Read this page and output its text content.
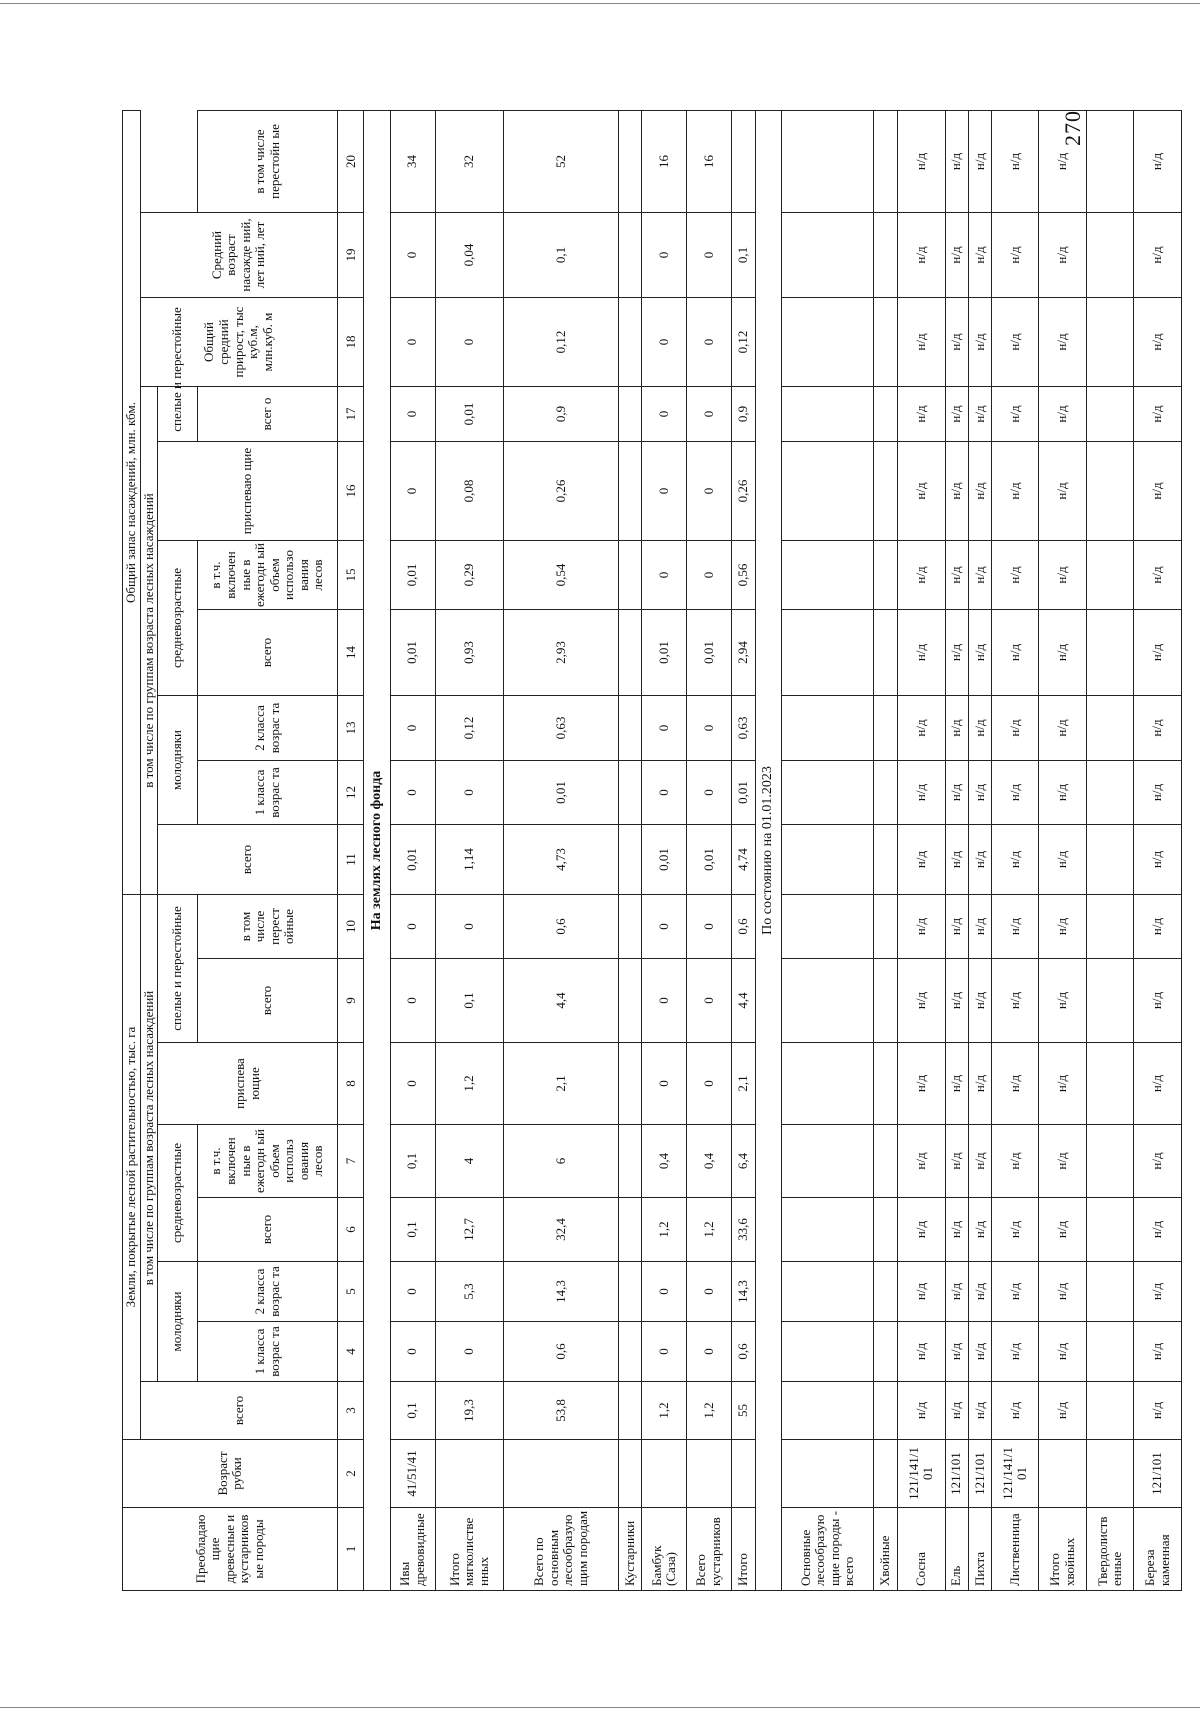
270
Преобладаю щие древесные и кустарников ые породы	Возраст рубки	Земли, покрытые лесной растительностью, тыс. га								Общий запас насаждений, млн. кбм.									
		всего	в том числе по группам возраста лесных насаждений							в том числе по группам возраста лесных насаждений							Общий средний прирост, тыс куб.м, млн.куб. м	Средний возраст насажде ний, лет ний, лет	
			молодняки		средневозрастные		приспева ющие	спелые и перестойные		всего	молодняки		средневозрастные		приспеваю щие	спелые и перестойные			
			1 класса возрас та	2 класса возрас та	всего	в т.ч. включен ные в ежегодн ый объем использ ования лесов		всего	в том числе перест ойные		1 класса возрас та	2 класса возрас та	всего	в т.ч. включен ные в ежегодн ый объем использо вания лесов		всег о			в том числе перестойн ые
1	2	3	4	5	6	7	8	9	10	11	12	13	14	15	16	17	18	19	20
На землях лесного фонда																			
Ивы древовидные	41/51/41	0,1	0	0	0,1	0,1	0	0	0	0,01	0	0	0,01	0,01	0	0	0	0	34
Итого мягколистве нных		19,3	0	5,3	12,7	4	1,2	0,1	0	1,14	0	0,12	0,93	0,29	0,08	0,01	0	0,04	32
Всего по основным лесообразую щим породам		53,8	0,6	14,3	32,4	6	2,1	4,4	0,6	4,73	0,01	0,63	2,93	0,54	0,26	0,9	0,12	0,1	52
Кустарники																			
Бамбук (Саза)		1,2	0	0	1,2	0,4	0	0	0	0,01	0	0	0,01	0	0	0	0	0	16
Всего кустарников		1,2	0	0	1,2	0,4	0	0	0	0,01	0	0	0,01	0	0	0	0	0	16
Итого		55	0,6	14,3	33,6	6,4	2,1	4,4	0,6	4,74	0,01	0,63	2,94	0,56	0,26	0,9	0,12	0,1	
По состоянию на 01.01.2023																			
Основные лесообразую щие породы - всего																			
Хвойные																			
Сосна	121/141/1 01	н/д	н/д	н/д	н/д	н/д	н/д	н/д	н/д	н/д	н/д	н/д	н/д	н/д	н/д	н/д	н/д	н/д	н/д
Ель	121/101	н/д	н/д	н/д	н/д	н/д	н/д	н/д	н/д	н/д	н/д	н/д	н/д	н/д	н/д	н/д	н/д	н/д	н/д
Пихта	121/101	н/д	н/д	н/д	н/д	н/д	н/д	н/д	н/д	н/д	н/д	н/д	н/д	н/д	н/д	н/д	н/д	н/д	н/д
Лиственница	121/141/1 01	н/д	н/д	н/д	н/д	н/д	н/д	н/д	н/д	н/д	н/д	н/д	н/д	н/д	н/д	н/д	н/д	н/д	н/д
Итого хвойных		н/д	н/д	н/д	н/д	н/д	н/д	н/д	н/д	н/д	н/д	н/д	н/д	н/д	н/д	н/д	н/д	н/д	н/д
Твердолиств енные																			
Береза каменная	121/101	н/д	н/д	н/д	н/д	н/д	н/д	н/д	н/д	н/д	н/д	н/д	н/д	н/д	н/д	н/д	н/д	н/д	н/д
